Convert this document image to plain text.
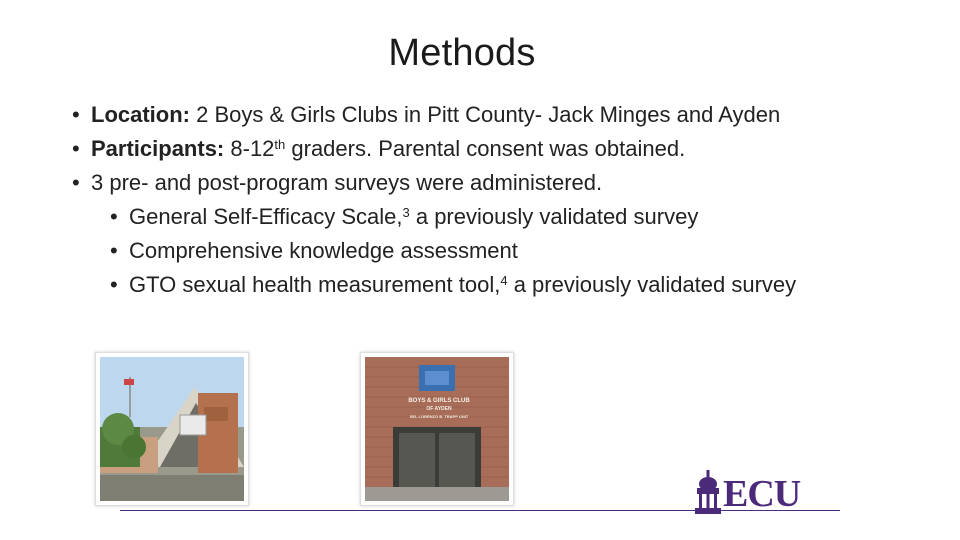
Methods
• Location: 2 Boys & Girls Clubs in Pitt County- Jack Minges and Ayden
• Participants: 8-12th graders. Parental consent was obtained.
• 3 pre- and post-program surveys were administered.
• General Self-Efficacy Scale,$^3$ a previously validated survey
• Comprehensive knowledge assessment
• GTO sexual health measurement tool,$^4$ a previously validated survey
BOYS & GIRLS CLUB
OF AYDEN
SEL LORENZO B. TRAPP UNIT
ECU
